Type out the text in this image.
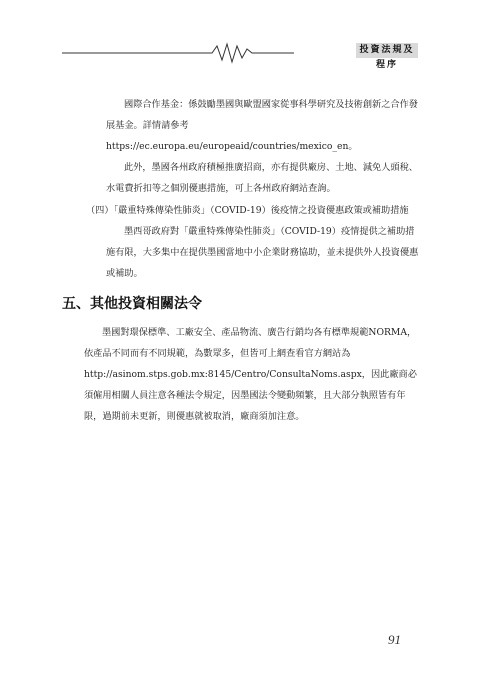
投資法規及程序

國際合作基金：係鼓勵墨國與歐盟國家從事科學研究及技術創新之合作發展基金。詳情請參考https://ec.europa.eu/europeaid/countries/mexico_en。

此外，墨國各州政府積極推廣招商，亦有提供廠房、土地、減免人頭稅、水電費折扣等之個別優惠措施，可上各州政府網站查詢。

（四）「嚴重特殊傳染性肺炎」（COVID-19）後疫情之投資優惠政策或補助措施

墨西哥政府對「嚴重特殊傳染性肺炎」（COVID-19）疫情提供之補助措施有限，大多集中在提供墨國當地中小企業財務協助，並未提供外人投資優惠或補助。

五、其他投資相關法令

墨國對環保標準、工廠安全、產品物流、廣告行銷均各有標準規範NORMA，依產品不同而有不同規範，為數眾多，但皆可上網查看官方網站為http://asinom.stps.gob.mx:8145/Centro/ConsultaNoms.aspx，因此廠商必須僱用相關人員注意各種法令規定，因墨國法令變動頻繁，且大部分執照皆有年限，過期前未更新，則優惠就被取消，廠商須加注意。

91
